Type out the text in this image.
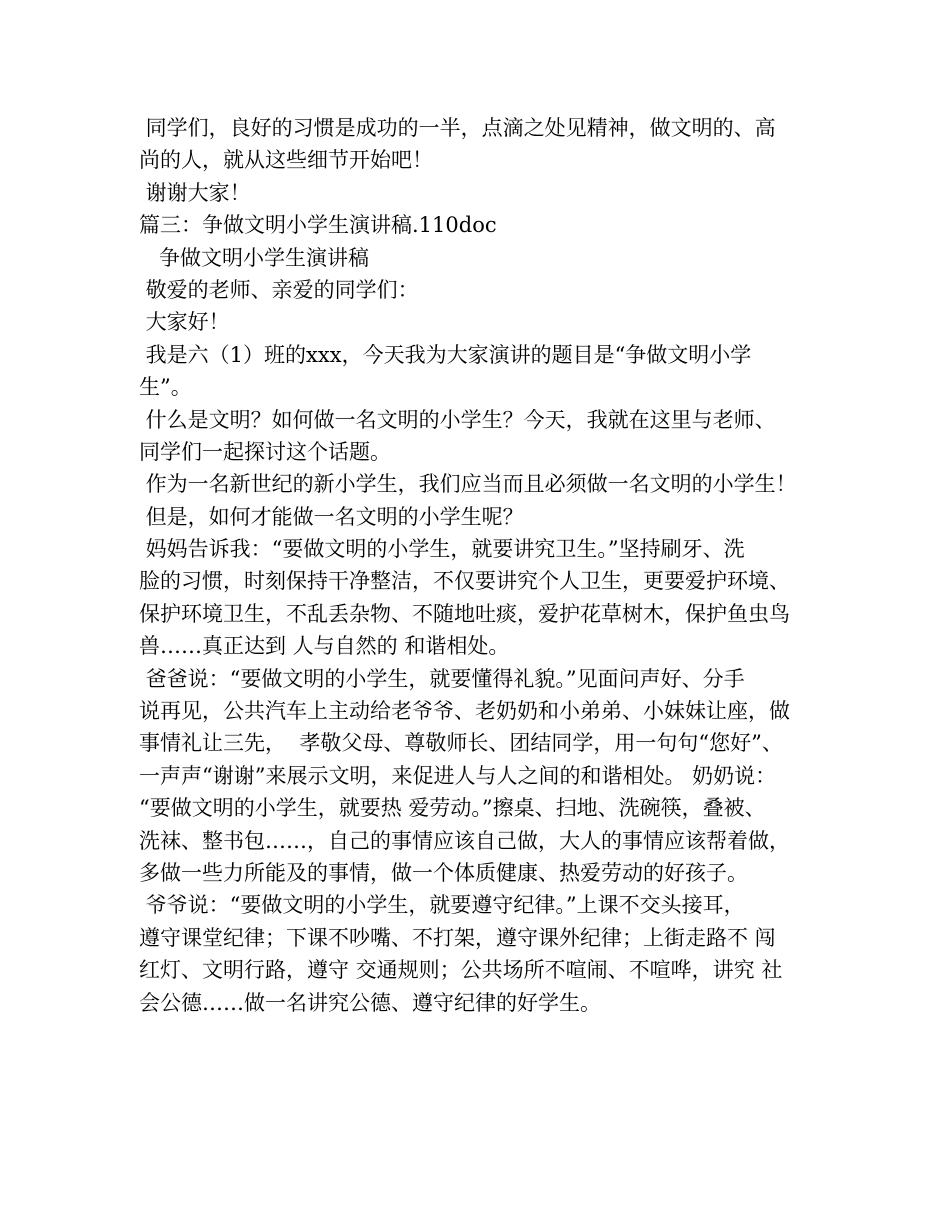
同学们，良好的习惯是成功的一半，点滴之处见精神，做文明的、高
尚的人，就从这些细节开始吧！
谢谢大家！
篇三：争做文明小学生演讲稿.110doc
争做文明小学生演讲稿
敬爱的老师、亲爱的同学们：
大家好！
我是六（1）班的xxx，今天我为大家演讲的题目是“争做文明小学
生”。
什么是文明？如何做一名文明的小学生？今天，我就在这里与老师、
同学们一起探讨这个话题。
作为一名新世纪的新小学生，我们应当而且必须做一名文明的小学生！
但是，如何才能做一名文明的小学生呢？
妈妈告诉我：“要做文明的小学生，就要讲究卫生。”坚持刷牙、洗
脸的习惯，时刻保持干净整洁，不仅要讲究个人卫生，更要爱护环境、
保护环境卫生，不乱丢杂物、不随地吐痰，爱护花草树木，保护鱼虫鸟
兽……真正达到 人与自然的 和谐相处。
爸爸说：“要做文明的小学生，就要懂得礼貌。”见面问声好、分手
说再见，公共汽车上主动给老爷爷、老奶奶和小弟弟、小妹妹让座，做
事情礼让三先，  孝敬父母、尊敬师长、团结同学，用一句句“您好”、
一声声“谢谢”来展示文明，来促进人与人之间的和谐相处。 奶奶说：
“要做文明的小学生，就要热 爱劳动。”擦桌、扫地、洗碗筷，叠被、
洗袜、整书包……，自己的事情应该自己做，大人的事情应该帮着做，
多做一些力所能及的事情，做一个体质健康、热爱劳动的好孩子。
爷爷说：“要做文明的小学生，就要遵守纪律。”上课不交头接耳，
遵守课堂纪律；下课不吵嘴、不打架，遵守课外纪律；上街走路不 闯
红灯、文明行路，遵守 交通规则；公共场所不喧闹、不喧哗，讲究 社
会公德……做一名讲究公德、遵守纪律的好学生。
